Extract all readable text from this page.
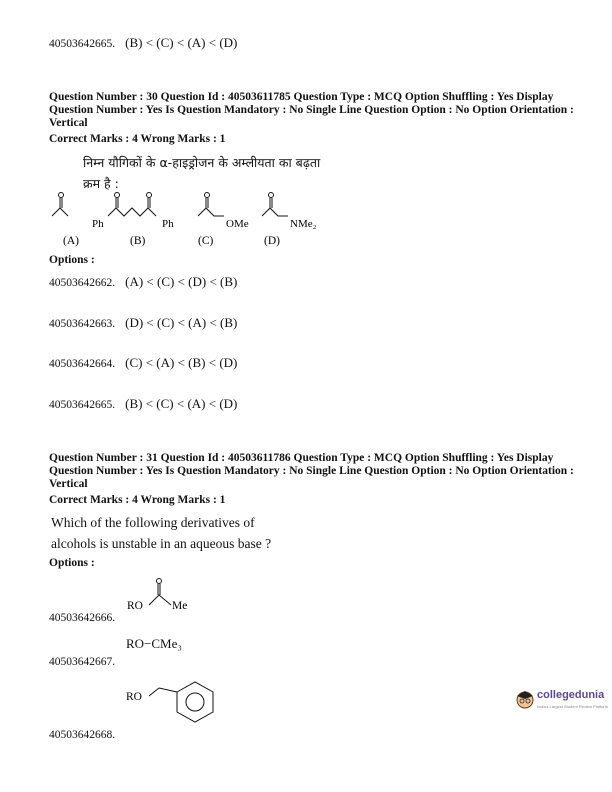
40503642665. (B) < (C) < (A) < (D)
Question Number : 30 Question Id : 40503611785 Question Type : MCQ Option Shuffling : Yes Display Question Number : Yes Is Question Mandatory : No Single Line Question Option : No Option Orientation : Vertical
Correct Marks : 4 Wrong Marks : 1
निम्न यौगिकों के α-हाइड्रोजन के अम्लीयता का बढ़ता
क्रम है :
Ph	Ph	OMe	NMe₂
(A)	(B)	(C)	(D)
Options :
40503642662. (A) < (C) < (D) < (B)
40503642663. (D) < (C) < (A) < (B)
40503642664. (C) < (A) < (B) < (D)
40503642665. (B) < (C) < (A) < (D)
Question Number : 31 Question Id : 40503611786 Question Type : MCQ Option Shuffling : Yes Display Question Number : Yes Is Question Mandatory : No Single Line Question Option : No Option Orientation : Vertical
Correct Marks : 4 Wrong Marks : 1
Which of the following derivatives of
alcohols is unstable in an aqueous base ?
Options :
40503642666.
RO	Me
40503642667.
RO−CMe₃
40503642668.
RO	collegedunia
India's Largest Student Review Platform
